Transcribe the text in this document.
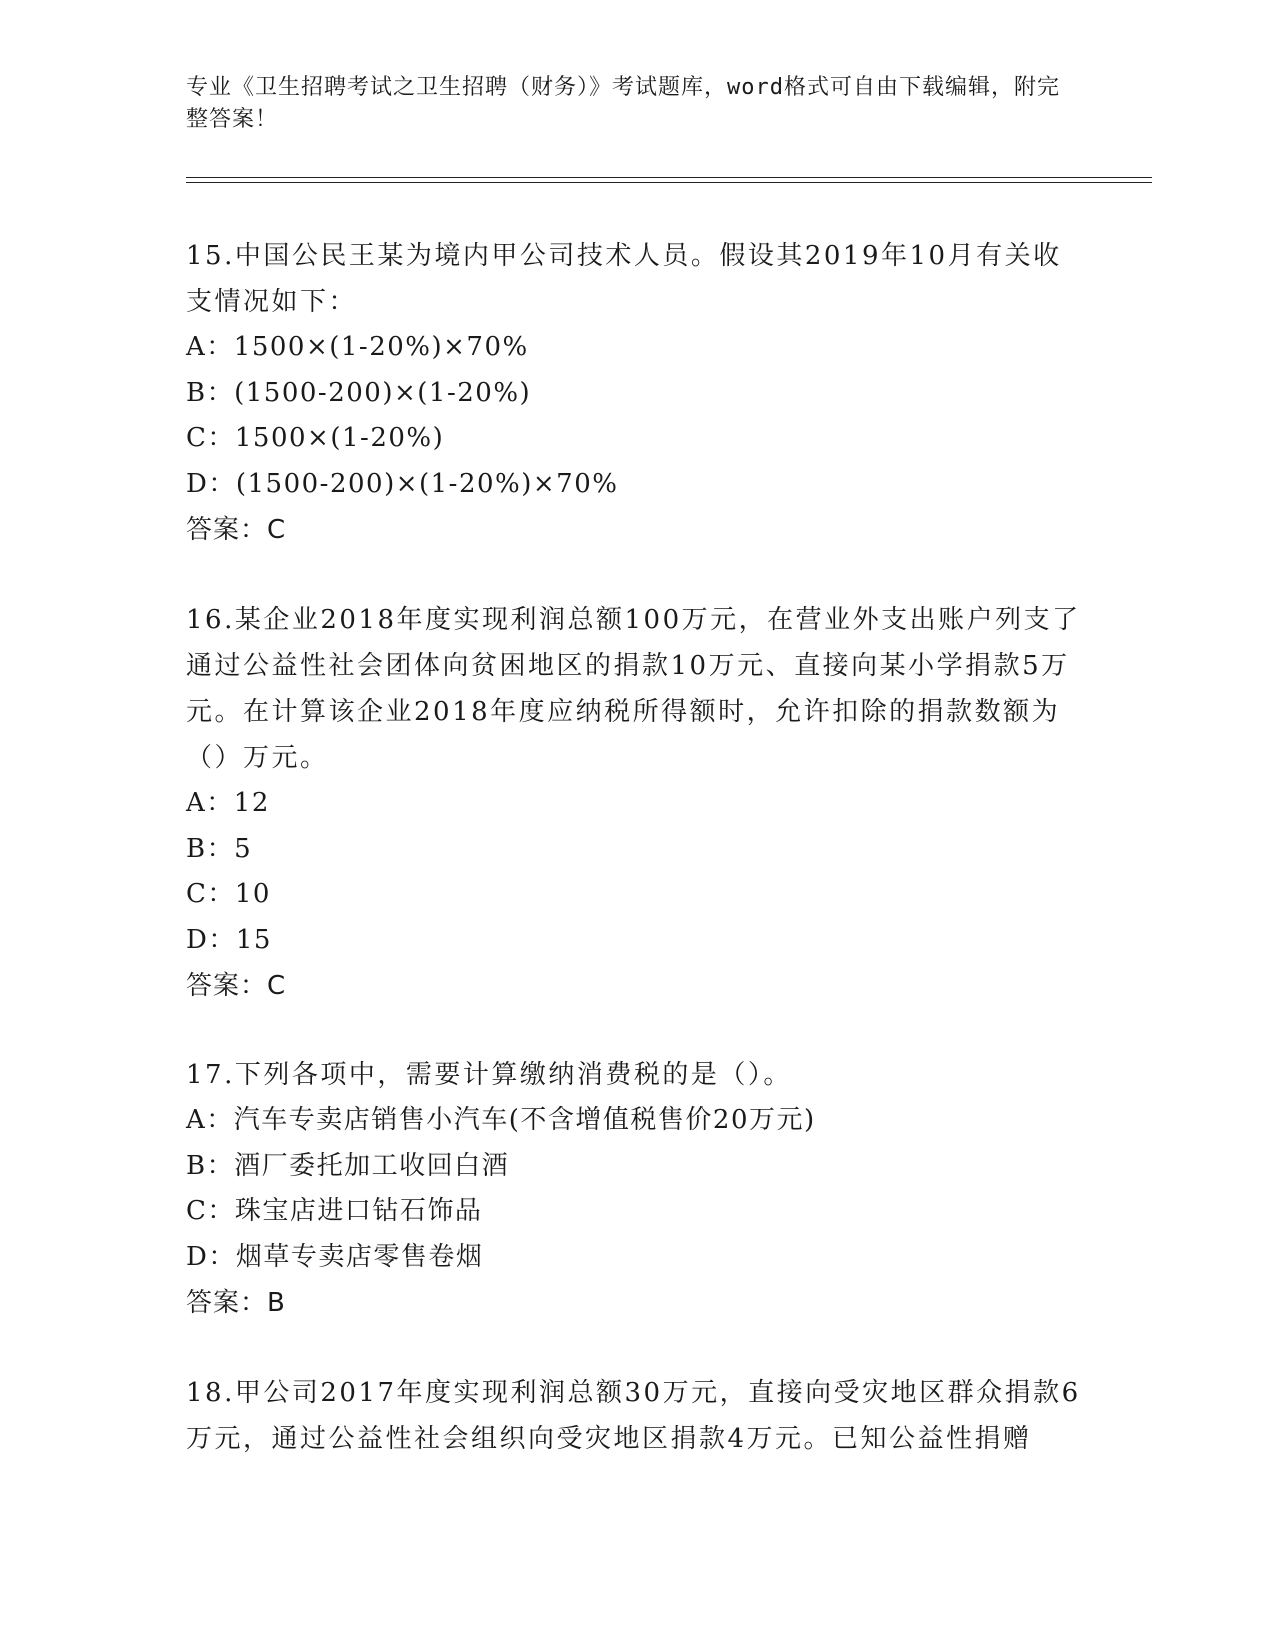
专业《卫生招聘考试之卫生招聘（财务）》考试题库，word格式可自由下载编辑，附完整答案！

15.中国公民王某为境内甲公司技术人员。假设其2019年10月有关收支情况如下：

A：1500×(1-20%)×70%

B：(1500-200)×(1-20%)

C：1500×(1-20%)

D：(1500-200)×(1-20%)×70%

答案：C

16.某企业2018年度实现利润总额100万元，在营业外支出账户列支了通过公益性社会团体向贫困地区的捐款10万元、直接向某小学捐款5万元。在计算该企业2018年度应纳税所得额时，允许扣除的捐款数额为（）万元。

A：12

B：5

C：10

D：15

答案：C

17.下列各项中，需要计算缴纳消费税的是（）。

A：汽车专卖店销售小汽车(不含增值税售价20万元)

B：酒厂委托加工收回白酒

C：珠宝店进口钻石饰品

D：烟草专卖店零售卷烟

答案：B

18.甲公司2017年度实现利润总额30万元，直接向受灾地区群众捐款6万元，通过公益性社会组织向受灾地区捐款4万元。已知公益性捐赠
